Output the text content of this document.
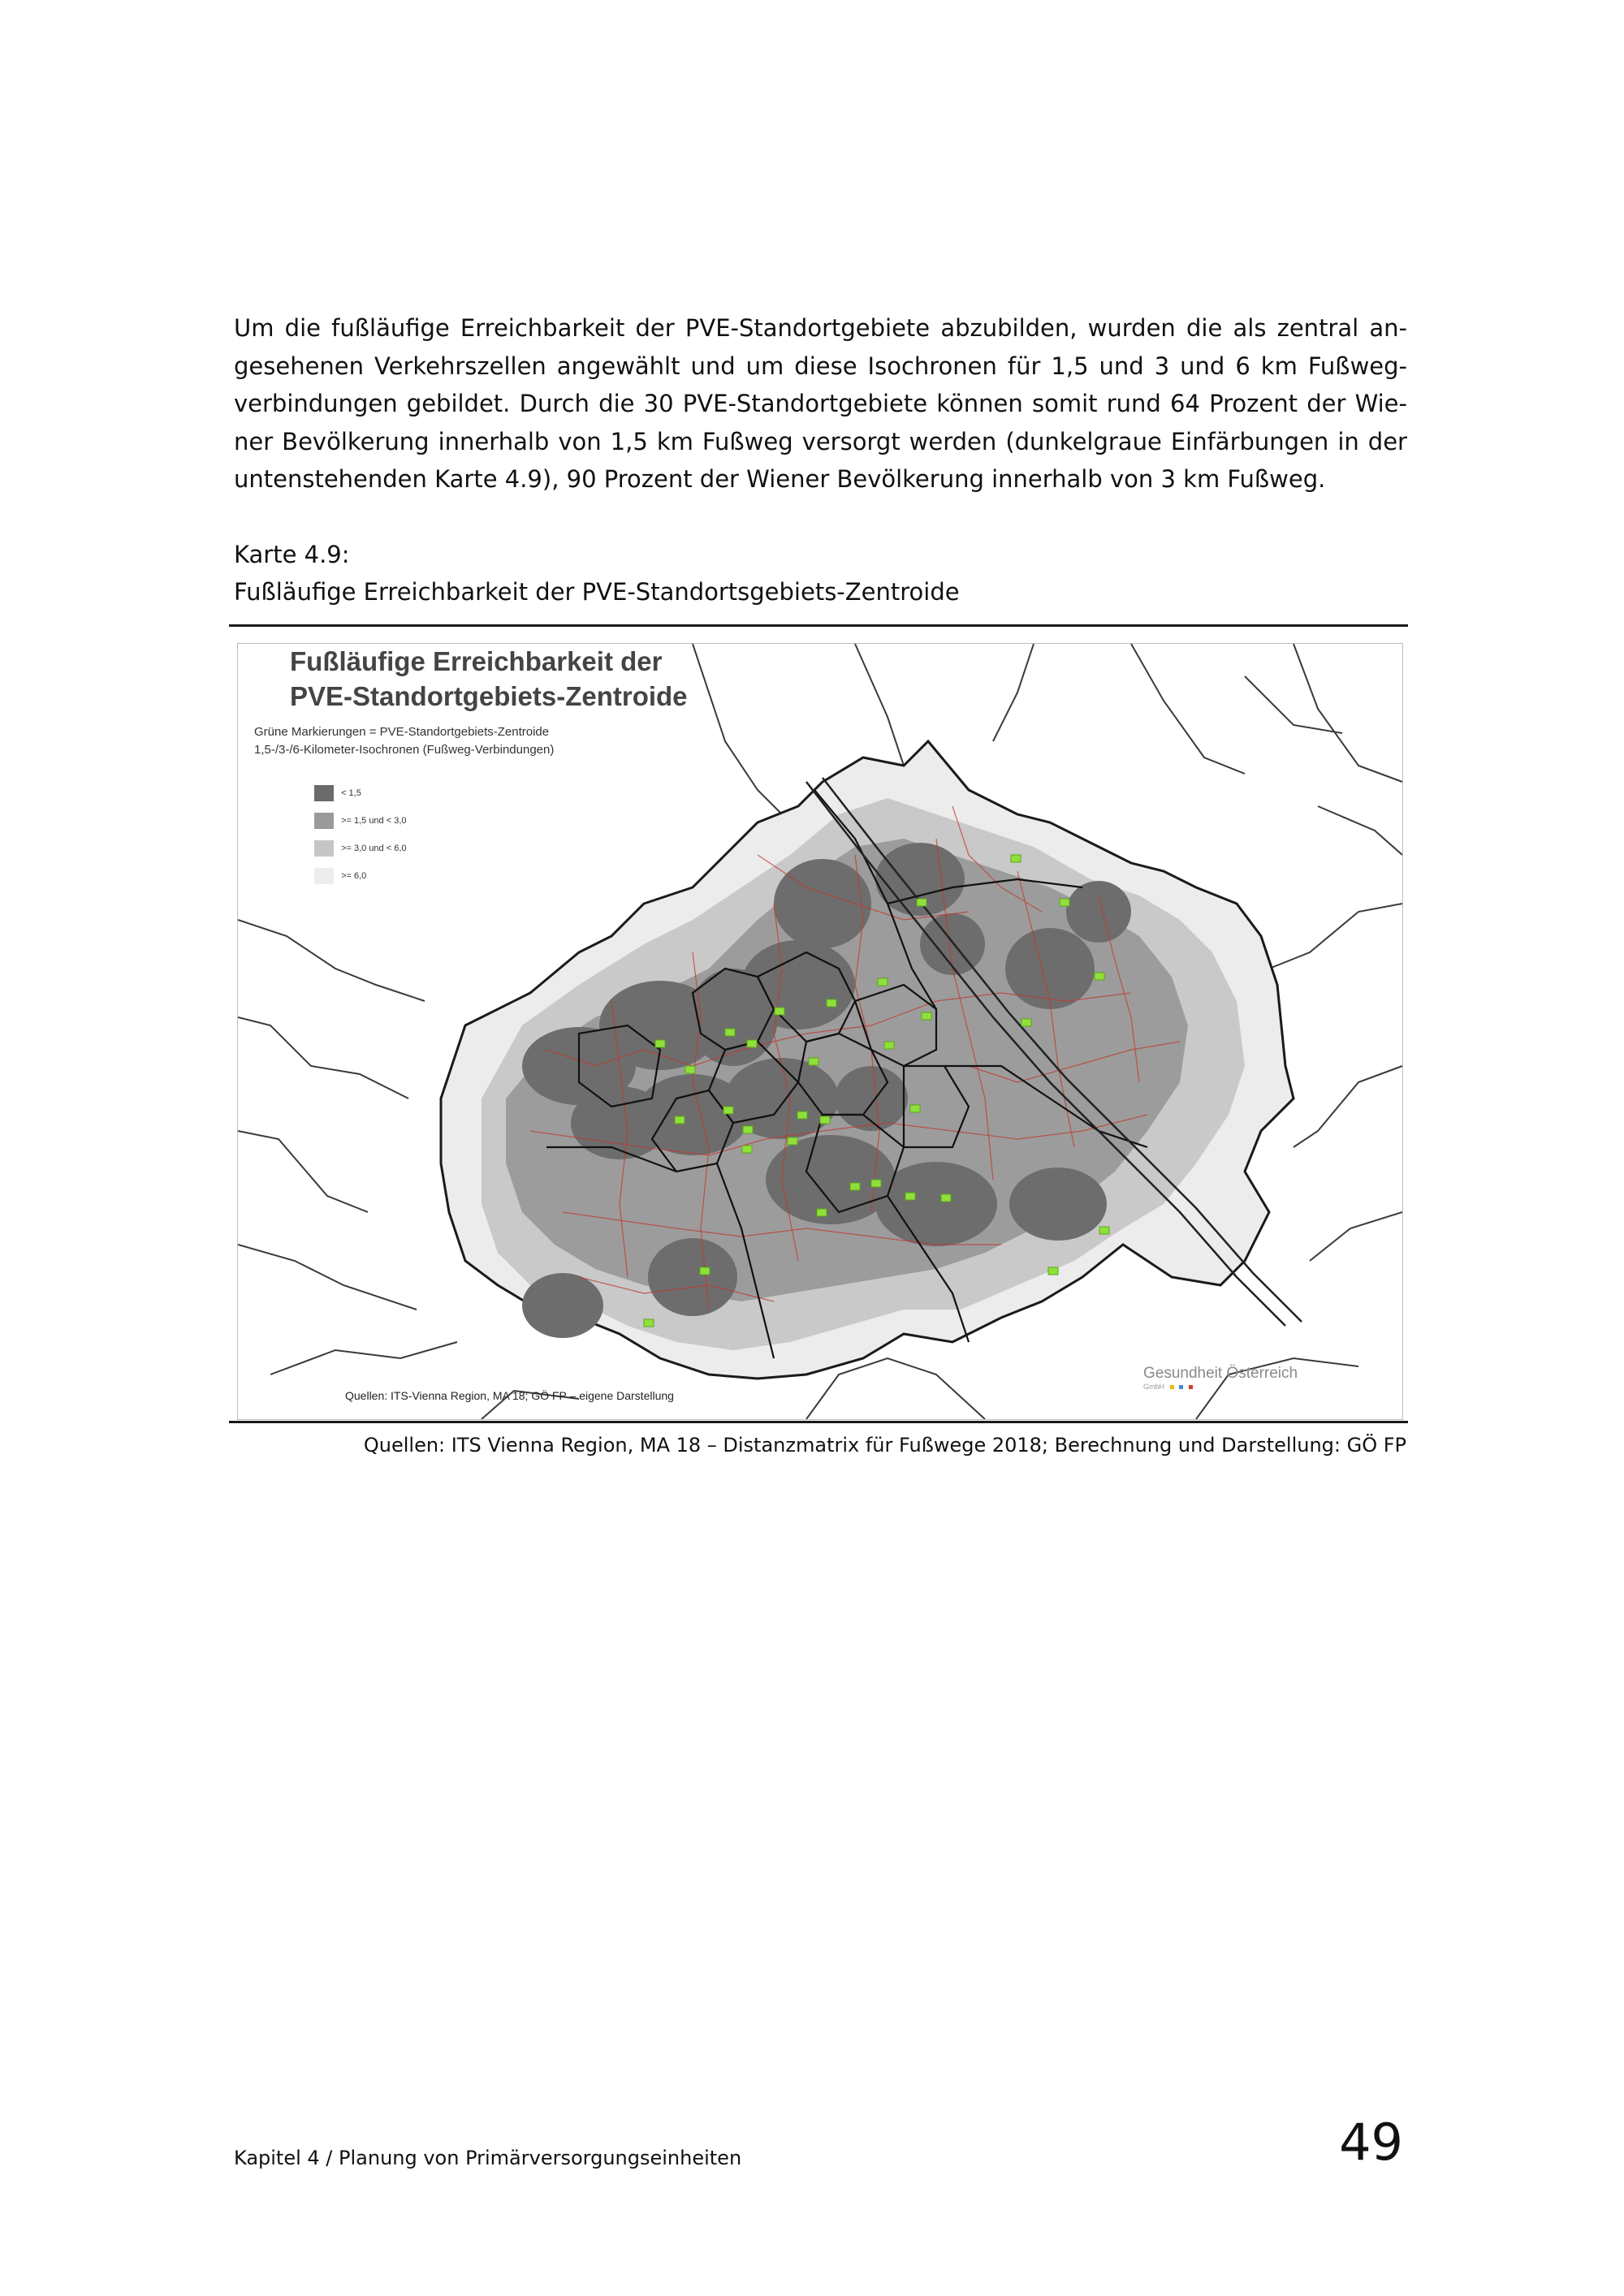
Um die fußläufige Erreichbarkeit der PVE-Standortgebiete abzubilden, wurden die als zentral an-
gesehenen Verkehrszellen angewählt und um diese Isochronen für 1,5 und 3 und 6 km Fußweg-
verbindungen gebildet. Durch die 30 PVE-Standortgebiete können somit rund 64 Prozent der Wie-
ner Bevölkerung innerhalb von 1,5 km Fußweg versorgt werden (dunkelgraue Einfärbungen in der
untenstehenden Karte 4.9), 90 Prozent der Wiener Bevölkerung innerhalb von 3 km Fußweg.
Karte 4.9:
Fußläufige Erreichbarkeit der PVE-Standortsgebiets-Zentroide
Fußläufige Erreichbarkeit der
PVE-Standortgebiets-Zentroide
Grüne Markierungen = PVE-Standortgebiets-Zentroide
1,5-/3-/6-Kilometer-Isochronen (Fußweg-Verbindungen)
< 1,5
>= 1,5 und < 3,0
>= 3,0 und < 6,0
>= 6,0
Quellen: ITS-Vienna Region, MA 18; GÖ FP – eigene Darstellung
Gesundheit Österreich
GmbH
Quellen: ITS Vienna Region, MA 18 – Distanzmatrix für Fußwege 2018; Berechnung und Darstellung: GÖ FP
Kapitel 4 / Planung von Primärversorgungseinheiten	49
